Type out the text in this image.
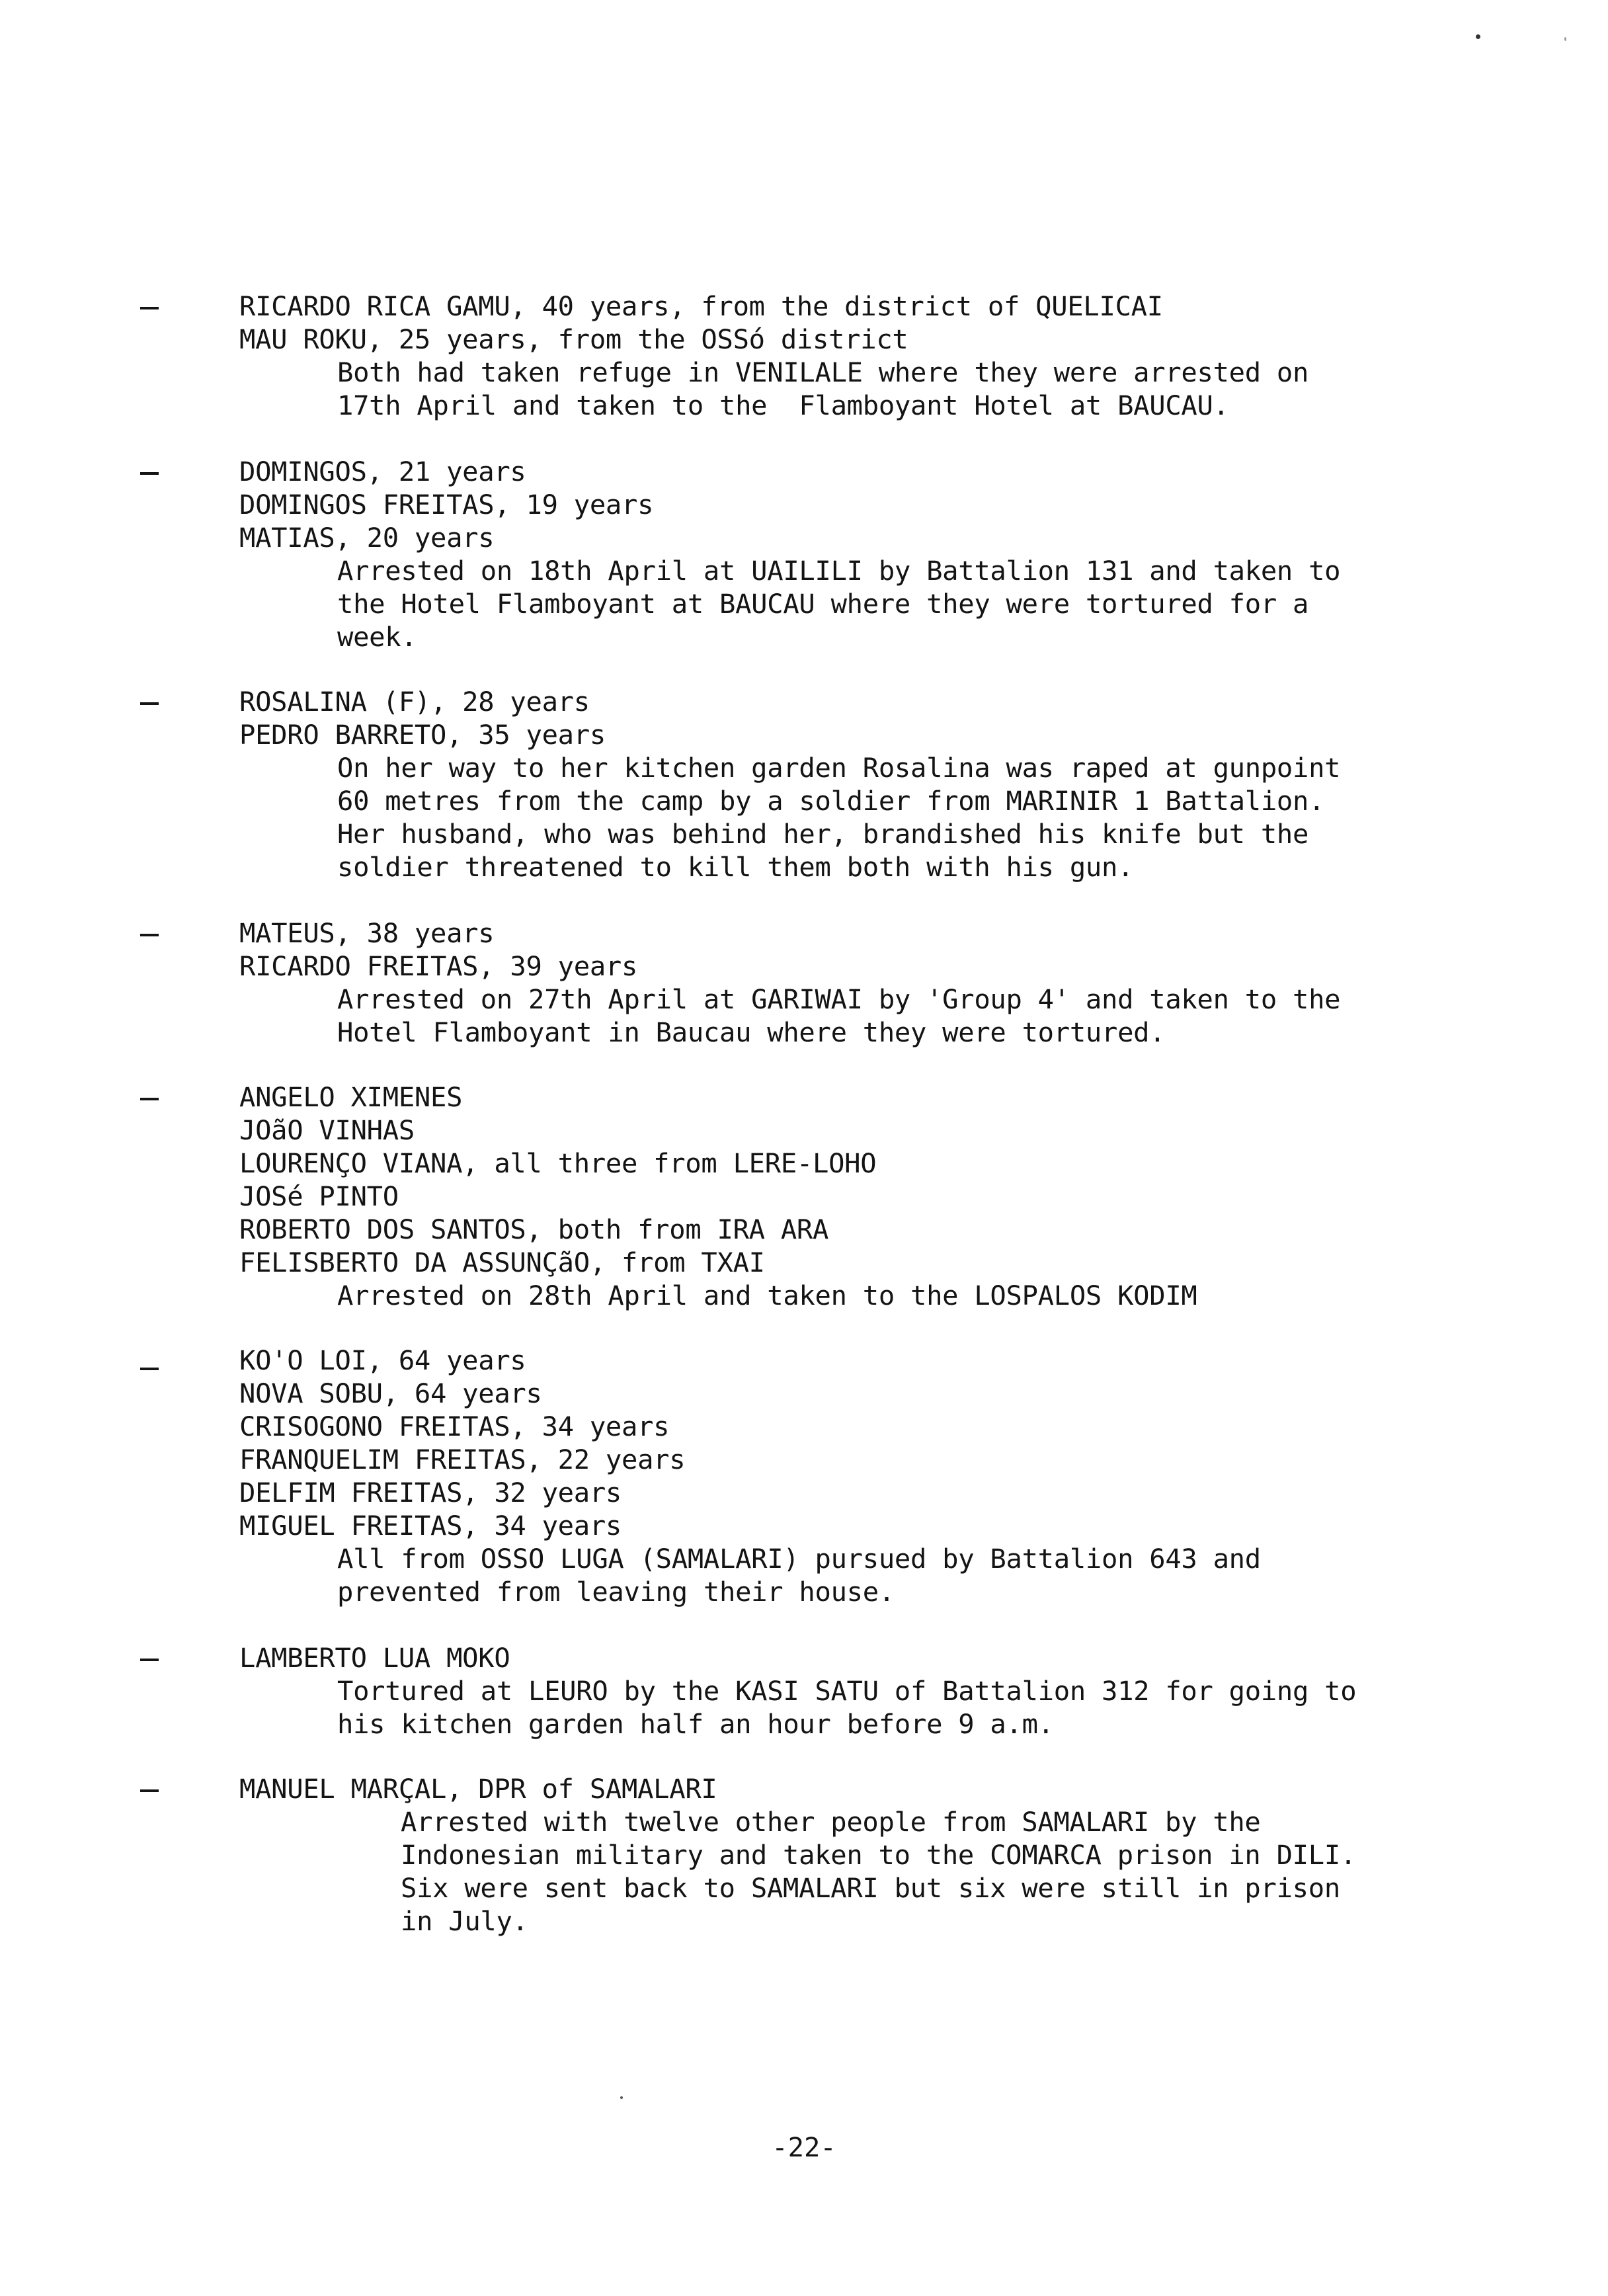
RICARDO RICA GAMU, 40 years, from the district of QUELICAI
MAU ROKU, 25 years, from the OSSó district
Both had taken refuge in VENILALE where they were arrested on
17th April and taken to the  Flamboyant Hotel at BAUCAU.
DOMINGOS, 21 years
DOMINGOS FREITAS, 19 years
MATIAS, 20 years
Arrested on 18th April at UAILILI by Battalion 131 and taken to
the Hotel Flamboyant at BAUCAU where they were tortured for a
week.
ROSALINA (F), 28 years
PEDRO BARRETO, 35 years
On her way to her kitchen garden Rosalina was raped at gunpoint
60 metres from the camp by a soldier from MARINIR 1 Battalion.
Her husband, who was behind her, brandished his knife but the
soldier threatened to kill them both with his gun.
MATEUS, 38 years
RICARDO FREITAS, 39 years
Arrested on 27th April at GARIWAI by 'Group 4' and taken to the
Hotel Flamboyant in Baucau where they were tortured.
ANGELO XIMENES
JOãO VINHAS
LOURENÇO VIANA, all three from LERE-LOHO
JOSé PINTO
ROBERTO DOS SANTOS, both from IRA ARA
FELISBERTO DA ASSUNÇãO, from TXAI
Arrested on 28th April and taken to the LOSPALOS KODIM
KO'O LOI, 64 years
NOVA SOBU, 64 years
CRISOGONO FREITAS, 34 years
FRANQUELIM FREITAS, 22 years
DELFIM FREITAS, 32 years
MIGUEL FREITAS, 34 years
All from OSSO LUGA (SAMALARI) pursued by Battalion 643 and
prevented from leaving their house.
LAMBERTO LUA MOKO
Tortured at LEURO by the KASI SATU of Battalion 312 for going to
his kitchen garden half an hour before 9 a.m.
MANUEL MARÇAL, DPR of SAMALARI
Arrested with twelve other people from SAMALARI by the
Indonesian military and taken to the COMARCA prison in DILI.
Six were sent back to SAMALARI but six were still in prison
in July.
-22-
